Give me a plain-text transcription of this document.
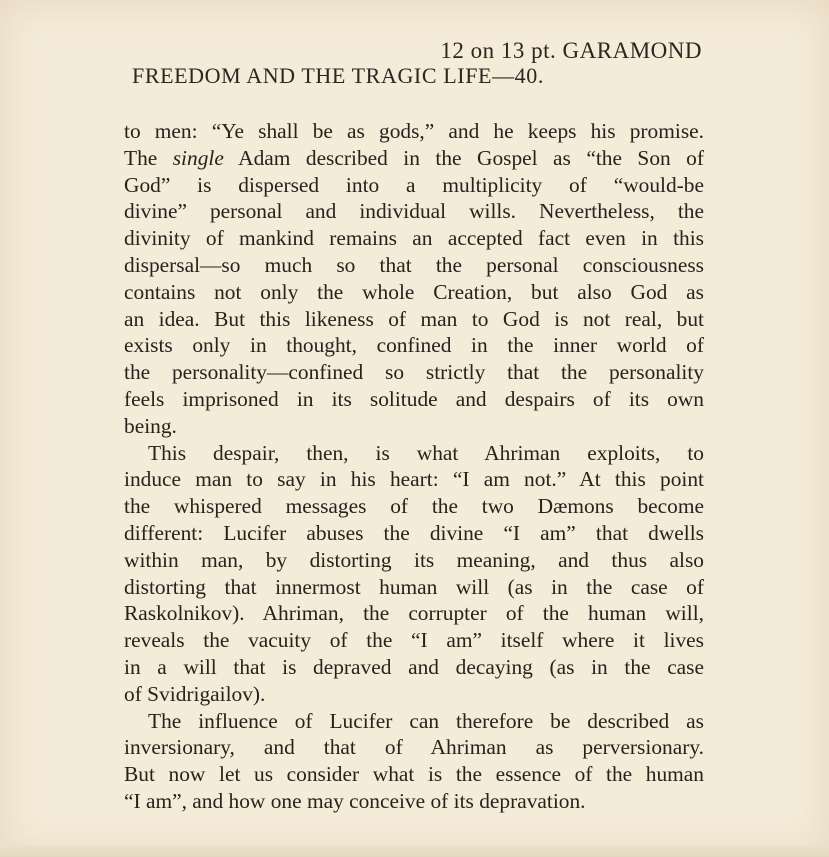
12 on 13 pt. GARAMOND
FREEDOM AND THE TRAGIC LIFE—40.
to men: “Ye shall be as gods,” and he keeps his promise.
The single Adam described in the Gospel as “the Son of
God” is dispersed into a multiplicity of “would-be
divine” personal and individual wills. Nevertheless, the
divinity of mankind remains an accepted fact even in this
dispersal—so much so that the personal consciousness
contains not only the whole Creation, but also God as
an idea. But this likeness of man to God is not real, but
exists only in thought, confined in the inner world of
the personality—confined so strictly that the personality
feels imprisoned in its solitude and despairs of its own
being.
This despair, then, is what Ahriman exploits, to
induce man to say in his heart: “I am not.” At this point
the whispered messages of the two Dæmons become
different: Lucifer abuses the divine “I am” that dwells
within man, by distorting its meaning, and thus also
distorting that innermost human will (as in the case of
Raskolnikov). Ahriman, the corrupter of the human will,
reveals the vacuity of the “I am” itself where it lives
in a will that is depraved and decaying (as in the case
of Svidrigailov).
The influence of Lucifer can therefore be described as
inversionary, and that of Ahriman as perversionary.
But now let us consider what is the essence of the human
“I am”, and how one may conceive of its depravation.
